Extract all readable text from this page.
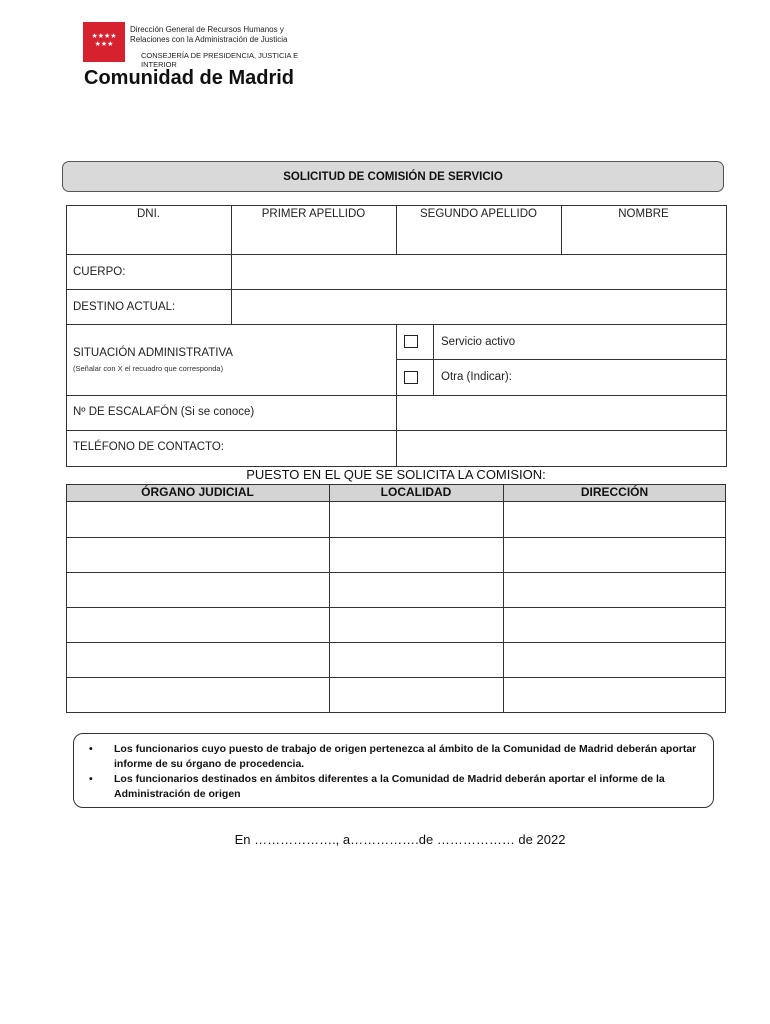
★★★★
★★★
Dirección General de Recursos Humanos y
Relaciones con la Administración de Justicia
CONSEJERÍA DE PRESIDENCIA, JUSTICIA E INTERIOR
Comunidad de Madrid
SOLICITUD DE COMISIÓN DE SERVICIO
DNI.	PRIMER APELLIDO	SEGUNDO APELLIDO	NOMBRE
CUERPO:
DESTINO ACTUAL:
SITUACIÓN ADMINISTRATIVA
(Señalar con X el recuadro que corresponda)
Servicio activo
Otra (Indicar):
Nº DE ESCALAFÓN (Si se conoce)
TELÉFONO DE CONTACTO:
PUESTO EN EL QUE SE SOLICITA LA COMISION:
ÓRGANO JUDICIAL	LOCALIDAD	DIRECCIÓN
• Los funcionarios cuyo puesto de trabajo de origen pertenezca al ámbito de la Comunidad de Madrid deberán aportar informe de su órgano de procedencia.
• Los funcionarios destinados en ámbitos diferentes a la Comunidad de Madrid deberán aportar el informe de la Administración de origen
En ………………., a…………….de ……………… de 2022
